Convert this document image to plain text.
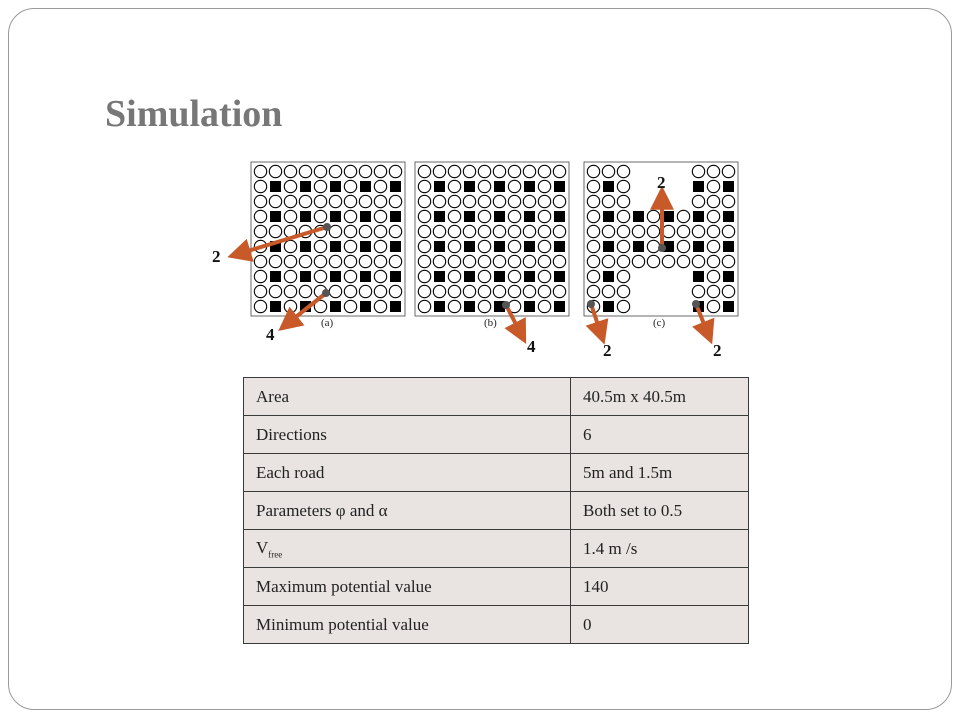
Simulation
(a)	(b)	(c)
2
4
4
2
2	2
Area	40.5m x 40.5m
Directions	6
Each road	5m and 1.5m
Parameters φ and α	Both set to 0.5
$V_{free}$	1.4 m /s
Maximum potential value	140
Minimum potential value	0
